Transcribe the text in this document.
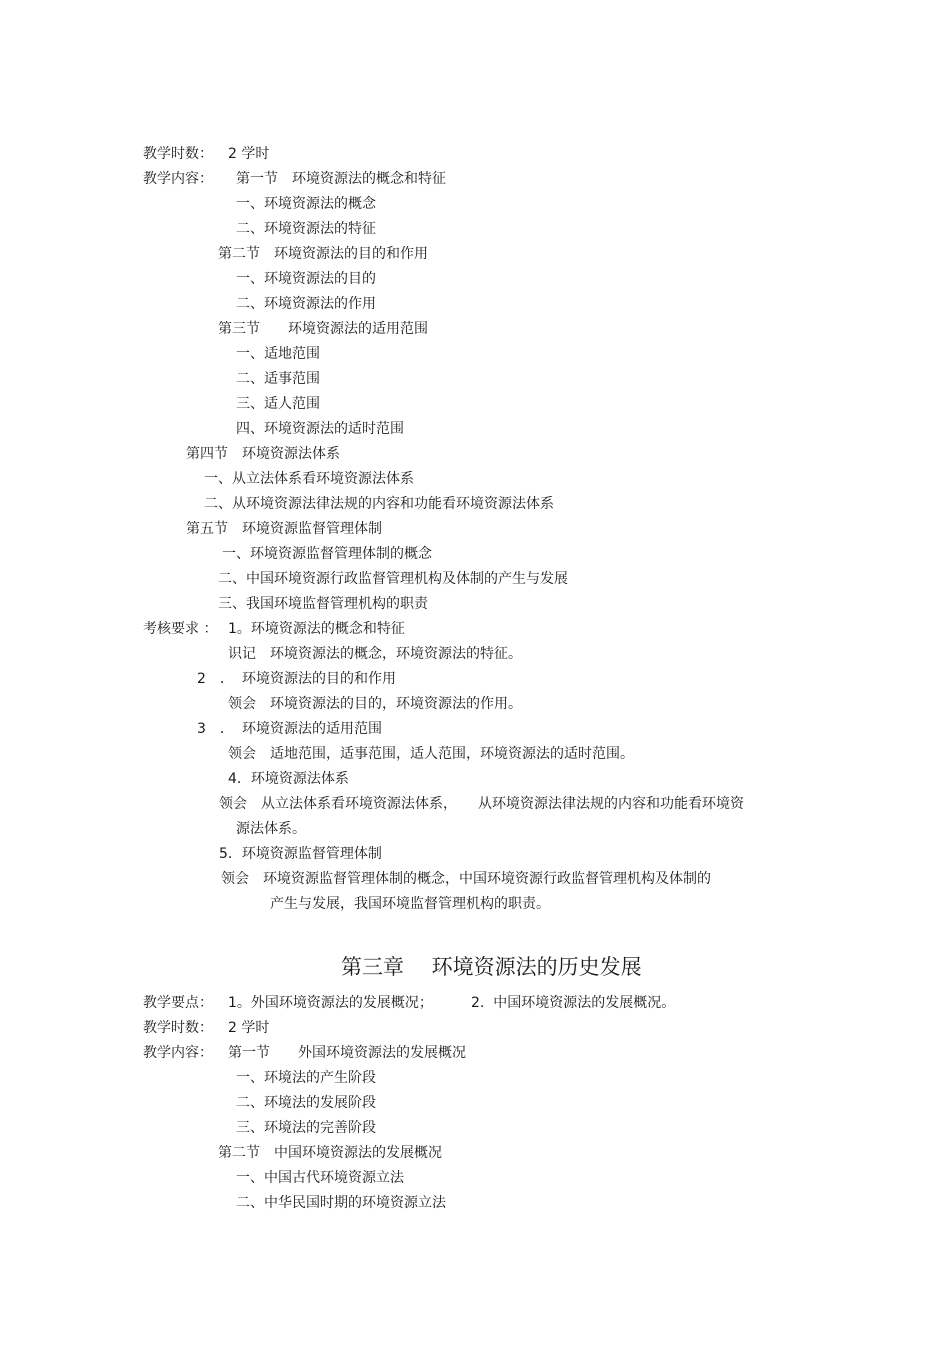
教学时数： 2 学时
教学内容： 第一节　环境资源法的概念和特征
一、环境资源法的概念
二、环境资源法的特征
第二节　环境资源法的目的和作用
一、环境资源法的目的
二、环境资源法的作用
第三节　　环境资源法的适用范围
一、适地范围
二、适事范围
三、适人范围
四、环境资源法的适时范围
第四节　环境资源法体系
一、从立法体系看环境资源法体系
二、从环境资源法律法规的内容和功能看环境资源法体系
第五节　环境资源监督管理体制
一、环境资源监督管理体制的概念
二、中国环境资源行政监督管理机构及体制的产生与发展
三、我国环境监督管理机构的职责
考核要求 ： 1。环境资源法的概念和特征
识记　环境资源法的概念，环境资源法的特征。
2　． 环境资源法的目的和作用
领会　环境资源法的目的，环境资源法的作用。
3　． 环境资源法的适用范围
领会　适地范围，适事范围，适人范围，环境资源法的适时范围。
4．环境资源法体系
领会　从立法体系看环境资源法体系，　　从环境资源法律法规的内容和功能看环境资
源法体系。
5．环境资源监督管理体制
领会　环境资源监督管理体制的概念，中国环境资源行政监督管理机构及体制的
产生与发展，我国环境监督管理机构的职责。
第三章　 环境资源法的历史发展
教学要点： 1。外国环境资源法的发展概况；	2.  中国环境资源法的发展概况。
教学时数： 2 学时
教学内容： 第一节　　外国环境资源法的发展概况
一、环境法的产生阶段
二、环境法的发展阶段
三、环境法的完善阶段
第二节　中国环境资源法的发展概况
一、中国古代环境资源立法
二、中华民国时期的环境资源立法
